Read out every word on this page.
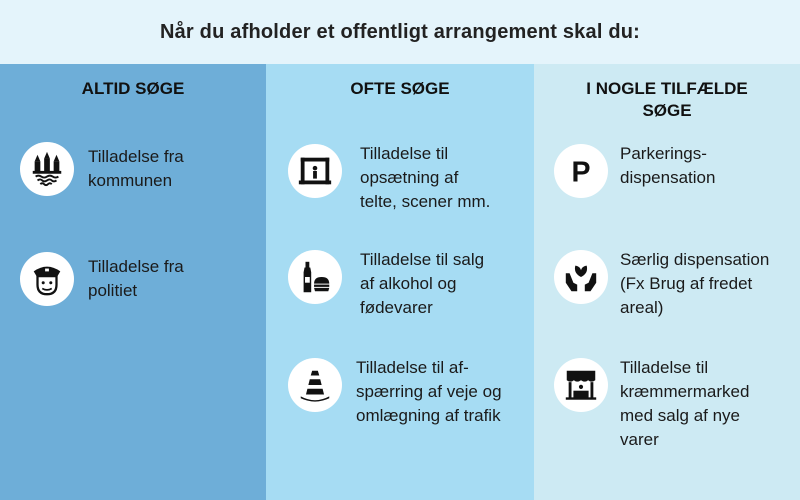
Når du afholder et offentligt arrangement skal du:
ALTID SØGE
Tilladelse fra
kommunen
Tilladelse fra
politiet
OFTE SØGE
Tilladelse til
opsætning af
telte, scener mm.
Tilladelse til salg
af alkohol og
fødevarer
Tilladelse til af-
spærring af veje og
omlægning af trafik
I NOGLE TILFÆLDE
SØGE
P
Parkerings-
dispensation
Særlig dispensation
(Fx Brug af fredet
areal)
Tilladelse til
kræmmermarked
med salg af nye
varer
